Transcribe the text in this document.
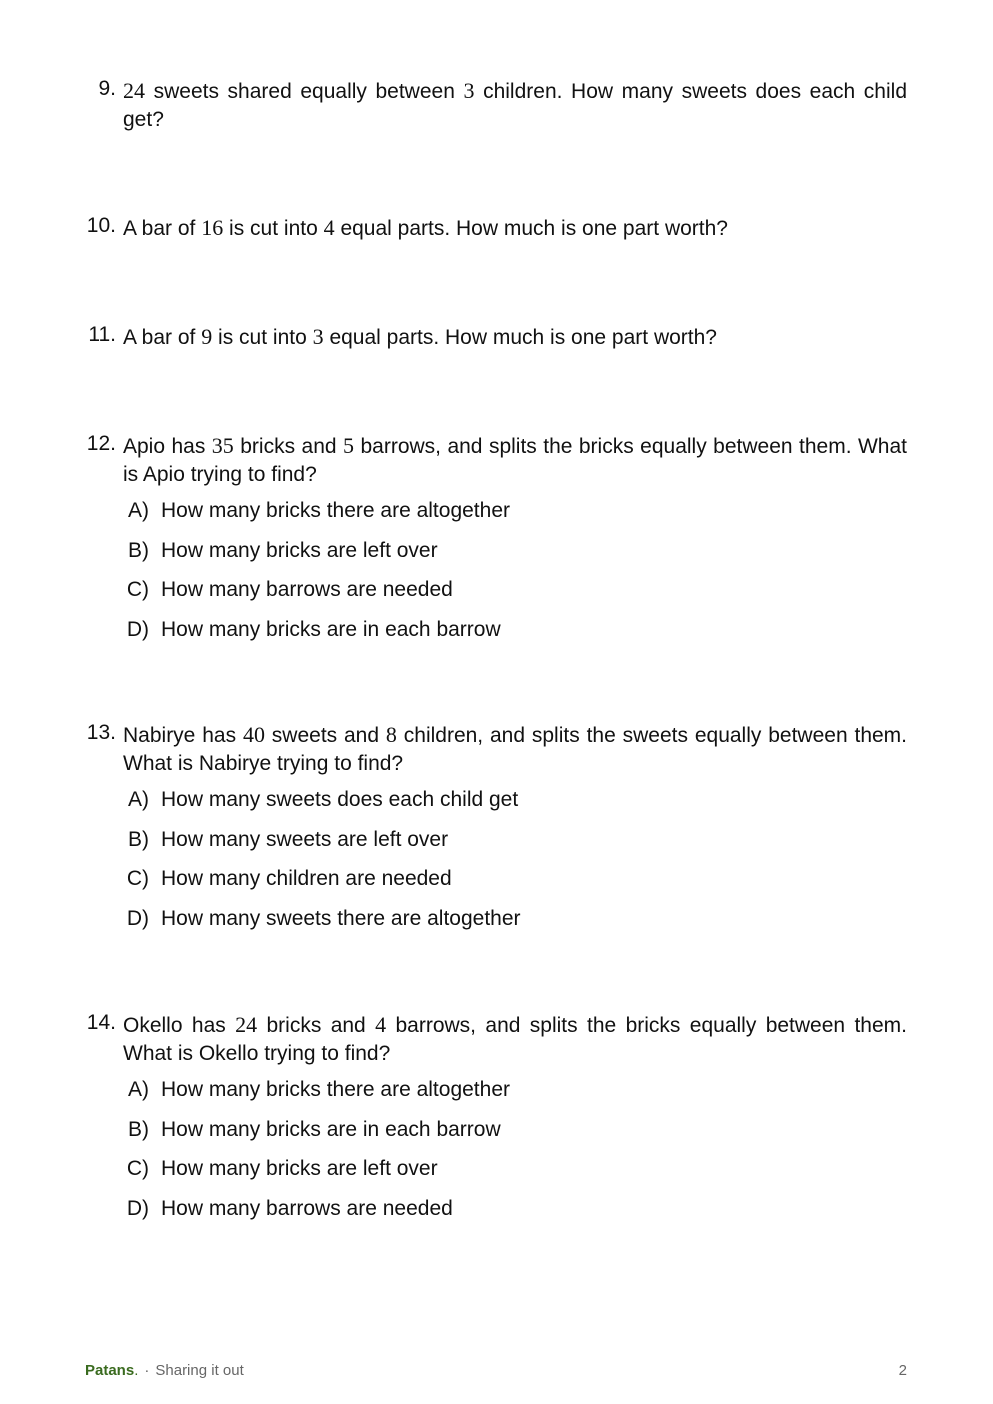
9. 24 sweets shared equally between 3 children. How many sweets does each child get?
10. A bar of 16 is cut into 4 equal parts. How much is one part worth?
11. A bar of 9 is cut into 3 equal parts. How much is one part worth?
12. Apio has 35 bricks and 5 barrows, and splits the bricks equally between them. What is Apio trying to find?
A) How many bricks there are altogether
B) How many bricks are left over
C) How many barrows are needed
D) How many bricks are in each barrow
13. Nabirye has 40 sweets and 8 children, and splits the sweets equally between them. What is Nabirye trying to find?
A) How many sweets does each child get
B) How many sweets are left over
C) How many children are needed
D) How many sweets there are altogether
14. Okello has 24 bricks and 4 barrows, and splits the bricks equally between them. What is Okello trying to find?
A) How many bricks there are altogether
B) How many bricks are in each barrow
C) How many bricks are left over
D) How many barrows are needed
Patans. · Sharing it out	2
